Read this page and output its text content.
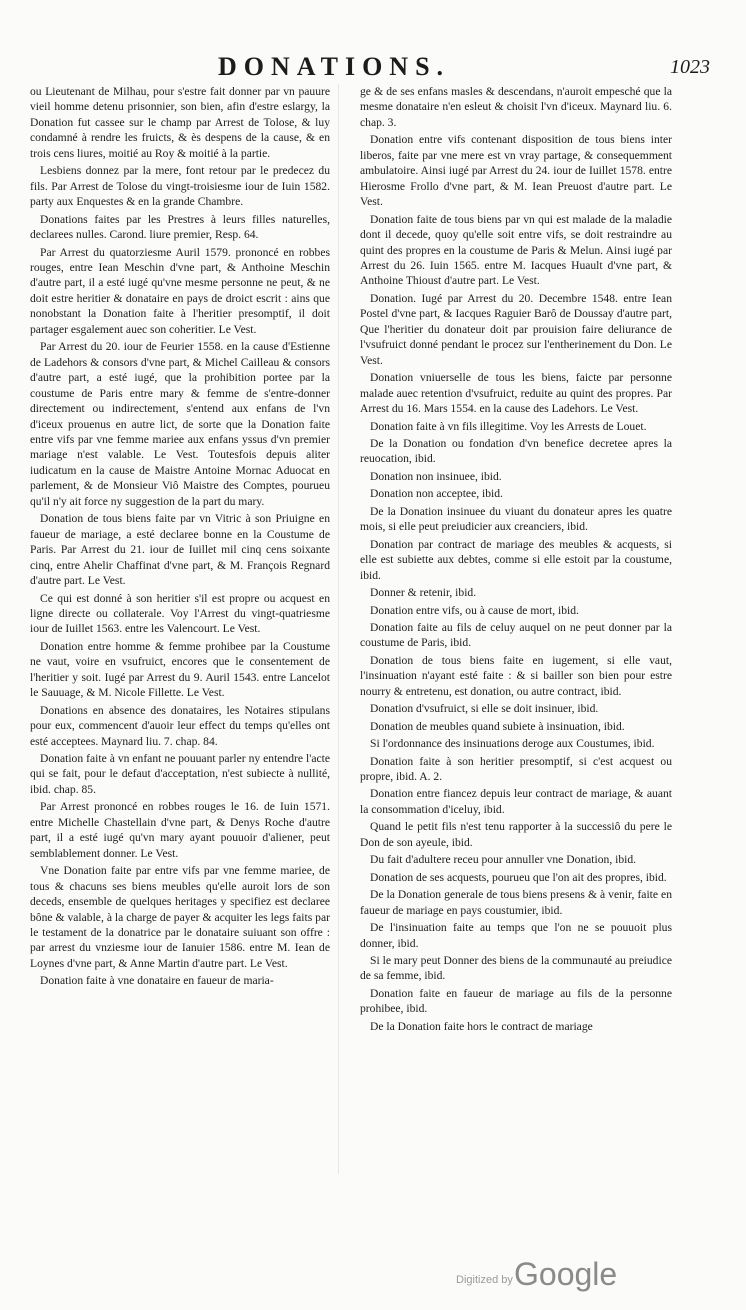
DONATIONS.	1023

ou Lieutenant de Milhau, pour s'estre fait donner par vn pauure vieil homme detenu prisonnier, son bien, afin d'estre eslargy, la Donation fut cassee sur le champ par Arrest de Tolose, & luy condamné à rendre les fruicts, & ès despens de la cause, & en trois cens liures, moitié au Roy & moitié à la partie.

Lesbiens donnez par la mere, font retour par le predecez du fils. Par Arrest de Tolose du vingt-troisiesme iour de Iuin 1582. party aux Enquestes & en la grande Chambre.

Donations faites par les Prestres à leurs filles naturelles, declarees nulles. Carond. liure premier, Resp. 64.

Par Arrest du quatorziesme Auril 1579. prononcé en robbes rouges, entre Iean Meschin d'vne part, & Anthoine Meschin d'autre part, il a esté iugé qu'vne mesme personne ne peut, & ne doit estre heritier & donataire en pays de droict escrit : ains que nonobstant la Donation faite à l'heritier presomptif, il doit partager esgalement auec son coheritier. Le Vest.

Par Arrest du 20. iour de Feurier 1558. en la cause d'Estienne de Ladehors & consors d'vne part, & Michel Cailleau & consors d'autre part, a esté iugé, que la prohibition portee par la coustume de Paris entre mary & femme de s'entre-donner directement ou indirectement, s'entend aux enfans de l'vn d'iceux prouenus en autre lict, de sorte que la Donation faite entre vifs par vne femme mariee aux enfans yssus d'vn premier mariage n'est valable. Le Vest. Toutesfois depuis aliter iudicatum en la cause de Maistre Antoine Mornac Aduocat en parlement, & de Monsieur Viô Maistre des Comptes, pourueu qu'il n'y ait force ny suggestion de la part du mary.

Donation de tous biens faite par vn Vitric à son Priuigne en faueur de mariage, a esté declaree bonne en la Coustume de Paris. Par Arrest du 21. iour de Iuillet mil cinq cens soixante cinq, entre Ahelir Chaffinat d'vne part, & M. François Regnard d'autre part. Le Vest.

Ce qui est donné à son heritier s'il est propre ou acquest en ligne directe ou collaterale. Voy l'Arrest du vingt-quatriesme iour de Iuillet 1563. entre les Valencourt. Le Vest.

Donation entre homme & femme prohibee par la Coustume ne vaut, voire en vsufruict, encores que le consentement de l'heritier y soit. Iugé par Arrest du 9. Auril 1543. entre Lancelot le Sauuage, & M. Nicole Fillette. Le Vest.

Donations en absence des donataires, les Notaires stipulans pour eux, commencent d'auoir leur effect du temps qu'elles ont esté acceptees. Maynard liu. 7. chap. 84.

Donation faite à vn enfant ne pouuant parler ny entendre l'acte qui se fait, pour le defaut d'acceptation, n'est subiecte à nullité, ibid. chap. 85.

Par Arrest prononcé en robbes rouges le 16. de Iuin 1571. entre Michelle Chastellain d'vne part, & Denys Roche d'autre part, il a esté iugé qu'vn mary ayant pouuoir d'aliener, peut semblablement donner. Le Vest.

Vne Donation faite par entre vifs par vne femme mariee, de tous & chacuns ses biens meubles qu'elle auroit lors de son deceds, ensemble de quelques heritages y specifiez est declaree bône & valable, à la charge de payer & acquiter les legs faits par le testament de la donatrice par le donataire suiuant son offre : par arrest du vnziesme iour de Ianuier 1586. entre M. Iean de Loynes d'vne part, & Anne Martin d'autre part. Le Vest.

Donation faite à vne donataire en faueur de maria-

ge & de ses enfans masles & descendans, n'auroit empesché que la mesme donataire n'en esleut & choisit l'vn d'iceux. Maynard liu. 6. chap. 3.

Donation entre vifs contenant disposition de tous biens inter liberos, faite par vne mere est vn vray partage, & consequemment ambulatoire. Ainsi iugé par Arrest du 24. iour de Iuillet 1578. entre Hierosme Frollo d'vne part, & M. Iean Preuost d'autre part. Le Vest.

Donation faite de tous biens par vn qui est malade de la maladie dont il decede, quoy qu'elle soit entre vifs, se doit restraindre au quint des propres en la coustume de Paris & Melun. Ainsi iugé par Arrest du 26. Iuin 1565. entre M. Iacques Huault d'vne part, & Anthoine Thioust d'autre part. Le Vest.

Donation. Iugé par Arrest du 20. Decembre 1548. entre Iean Postel d'vne part, & Iacques Raguier Barô de Doussay d'autre part, Que l'heritier du donateur doit par prouision faire deliurance de l'vsufruict donné pendant le procez sur l'entherinement du Don. Le Vest.

Donation vniuerselle de tous les biens, faicte par personne malade auec retention d'vsufruict, reduite au quint des propres. Par Arrest du 16. Mars 1554. en la cause des Ladehors. Le Vest.

Donation faite à vn fils illegitime. Voy les Arrests de Louet.

De la Donation ou fondation d'vn benefice decretee apres la reuocation, ibid.

Donation non insinuee, ibid.

Donation non acceptee, ibid.

De la Donation insinuee du viuant du donateur apres les quatre mois, si elle peut preiudicier aux creanciers, ibid.

Donation par contract de mariage des meubles & acquests, si elle est subiette aux debtes, comme si elle estoit par la coustume, ibid.

Donner & retenir, ibid.

Donation entre vifs, ou à cause de mort, ibid.

Donation faite au fils de celuy auquel on ne peut donner par la coustume de Paris, ibid.

Donation de tous biens faite en iugement, si elle vaut, l'insinuation n'ayant esté faite : & si bailler son bien pour estre nourry & entretenu, est donation, ou autre contract, ibid.

Donation d'vsufruict, si elle se doit insinuer, ibid.

Donation de meubles quand subiete à insinuation, ibid.

Si l'ordonnance des insinuations deroge aux Coustumes, ibid.

Donation faite à son heritier presomptif, si c'est acquest ou propre, ibid. A. 2.

Donation entre fiancez depuis leur contract de mariage, & auant la consommation d'iceluy, ibid.

Quand le petit fils n'est tenu rapporter à la successiô du pere le Don de son ayeule, ibid.

Du fait d'adultere receu pour annuller vne Donation, ibid.

Donation de ses acquests, pourueu que l'on ait des propres, ibid.

De la Donation generale de tous biens presens & à venir, faite en faueur de mariage en pays coustumier, ibid.

De l'insinuation faite au temps que l'on ne se pouuoit plus donner, ibid.

Si le mary peut Donner des biens de la communauté au preiudice de sa femme, ibid.

Donation faite en faueur de mariage au fils de la personne prohibee, ibid.

De la Donation faite hors le contract de mariage

Digitized by Google
